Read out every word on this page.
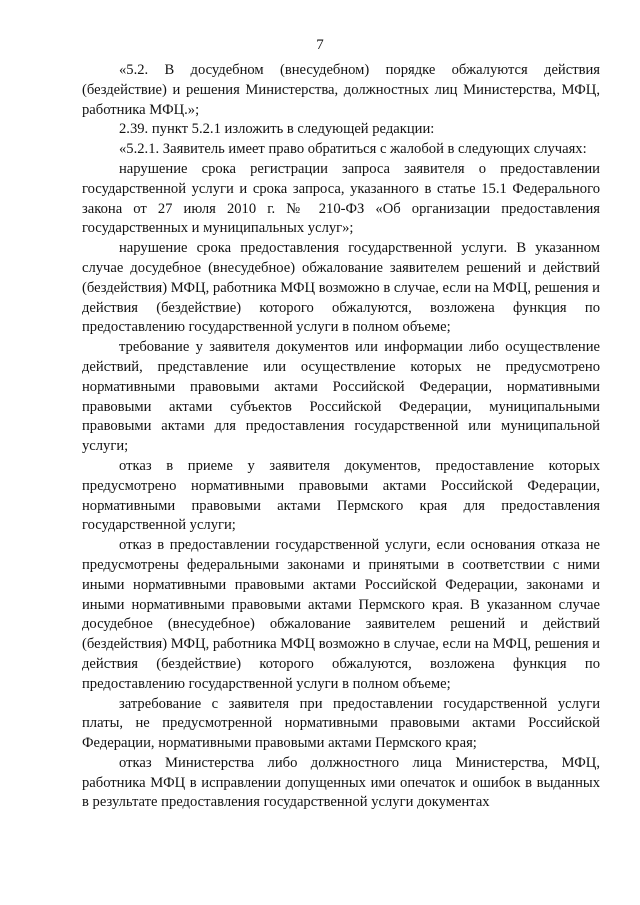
7

«5.2. В досудебном (внесудебном) порядке обжалуются действия (бездействие) и решения Министерства, должностных лиц Министерства, МФЦ, работника МФЦ.»;

2.39. пункт 5.2.1 изложить в следующей редакции:

«5.2.1. Заявитель имеет право обратиться с жалобой в следующих случаях:

нарушение срока регистрации запроса заявителя о предоставлении государственной услуги и срока запроса, указанного в статье 15.1 Федерального закона от 27 июля 2010 г. № 210-ФЗ «Об организации предоставления государственных и муниципальных услуг»;

нарушение срока предоставления государственной услуги. В указанном случае досудебное (внесудебное) обжалование заявителем решений и действий (бездействия) МФЦ, работника МФЦ возможно в случае, если на МФЦ, решения и действия (бездействие) которого обжалуются, возложена функция по предоставлению государственной услуги в полном объеме;

требование у заявителя документов или информации либо осуществление действий, представление или осуществление которых не предусмотрено нормативными правовыми актами Российской Федерации, нормативными правовыми актами субъектов Российской Федерации, муниципальными правовыми актами для предоставления государственной или муниципальной услуги;

отказ в приеме у заявителя документов, предоставление которых предусмотрено нормативными правовыми актами Российской Федерации, нормативными правовыми актами Пермского края для предоставления государственной услуги;

отказ в предоставлении государственной услуги, если основания отказа не предусмотрены федеральными законами и принятыми в соответствии с ними иными нормативными правовыми актами Российской Федерации, законами и иными нормативными правовыми актами Пермского края. В указанном случае досудебное (внесудебное) обжалование заявителем решений и действий (бездействия) МФЦ, работника МФЦ возможно в случае, если на МФЦ, решения и действия (бездействие) которого обжалуются, возложена функция по предоставлению государственной услуги в полном объеме;

затребование с заявителя при предоставлении государственной услуги платы, не предусмотренной нормативными правовыми актами Российской Федерации, нормативными правовыми актами Пермского края;

отказ Министерства либо должностного лица Министерства, МФЦ, работника МФЦ в исправлении допущенных ими опечаток и ошибок в выданных в результате предоставления государственной услуги документах
